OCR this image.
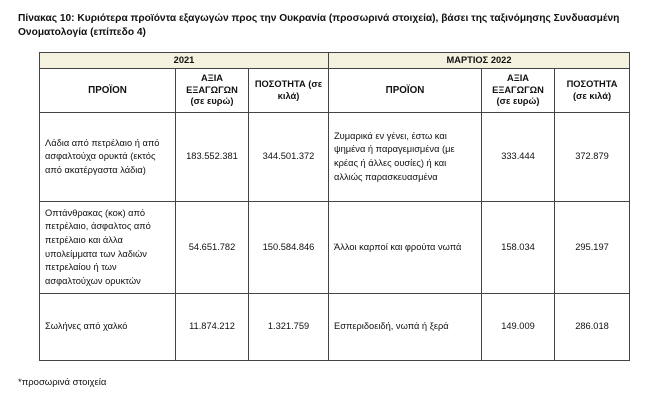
Πίνακας 10: Κυριότερα προϊόντα εξαγωγών προς την Ουκρανία (προσωρινά στοιχεία), βάσει της ταξινόμησης Συνδυασμένη Ονοματολογία (επίπεδο 4)
2021			ΜΑΡΤΙΟΣ 2022		
ΠΡΟΪΟΝ	ΑΞΙΑ ΕΞΑΓΩΓΩΝ (σε ευρώ)	ΠΟΣΟΤΗΤΑ (σε κιλά)	ΠΡΟΪΟΝ	ΑΞΙΑ ΕΞΑΓΩΓΩΝ (σε ευρώ)	ΠΟΣΟΤΗΤΑ (σε κιλά)
Λάδια από πετρέλαιο ή από ασφαλτούχα ορυκτά (εκτός από ακατέργαστα λάδια)	183.552.381	344.501.372	Ζυμαρικά εν γένει, έστω και ψημένα ή παραγεμισμένα (με κρέας ή άλλες ουσίες) ή και αλλιώς παρασκευασμένα	333.444	372.879
Οπτάνθρακας (κοκ) από πετρέλαιο, άσφαλτος από πετρέλαιο και άλλα υπολείμματα των λαδιών πετρελαίου ή των ασφαλτούχων ορυκτών	54.651.782	150.584.846	Άλλοι καρποί και φρούτα νωπά	158.034	295.197
Σωλήνες από χαλκό	11.874.212	1.321.759	Εσπεριδοειδή, νωπά ή ξερά	149.009	286.018
*προσωρινά στοιχεία
